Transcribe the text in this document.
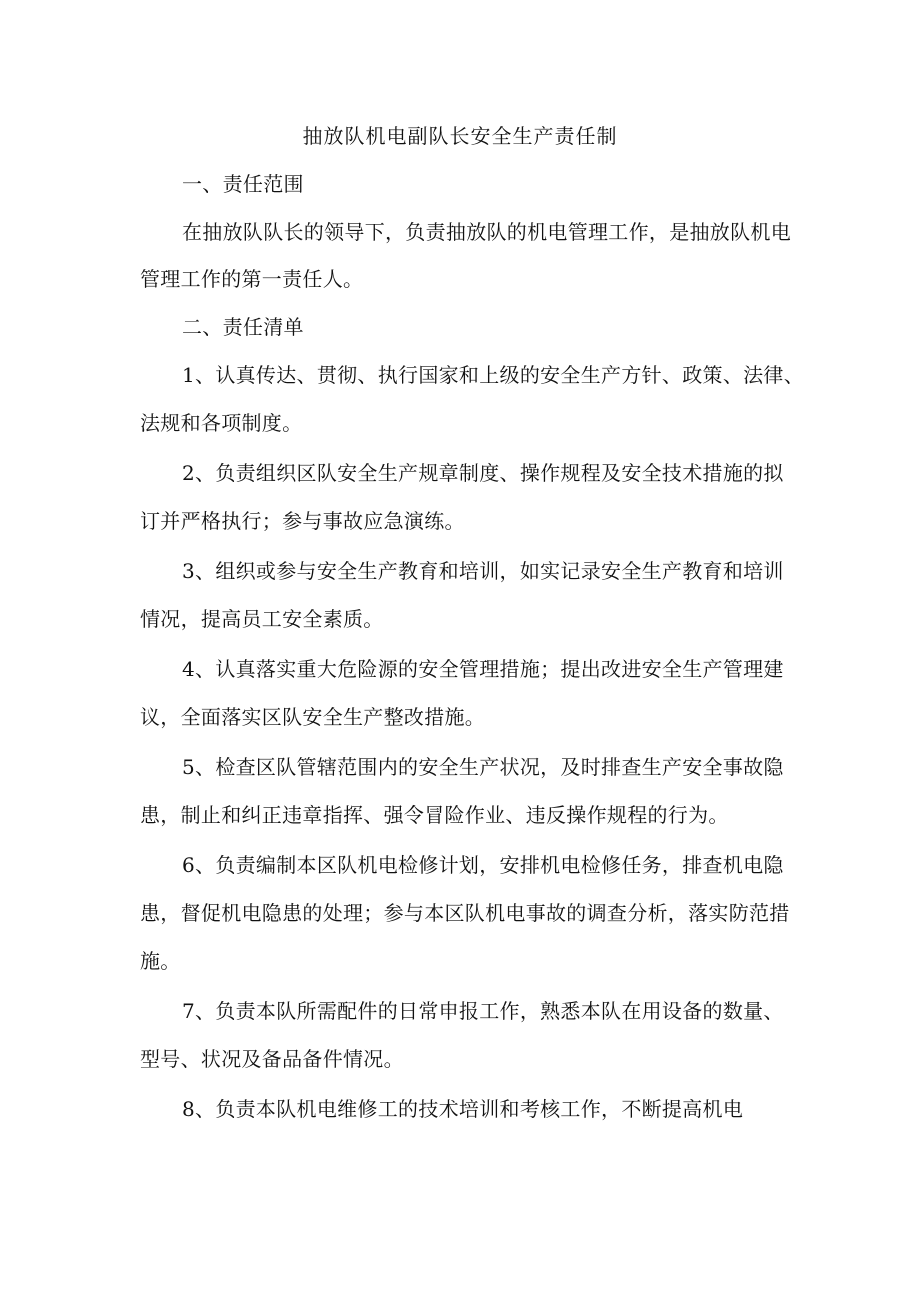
抽放队机电副队长安全生产责任制
一、责任范围
在抽放队队长的领导下，负责抽放队的机电管理工作，是抽放队机电
管理工作的第一责任人。
二、责任清单
1、认真传达、贯彻、执行国家和上级的安全生产方针、政策、法律、
法规和各项制度。
2、负责组织区队安全生产规章制度、操作规程及安全技术措施的拟
订并严格执行；参与事故应急演练。
3、组织或参与安全生产教育和培训，如实记录安全生产教育和培训
情况，提高员工安全素质。
4、认真落实重大危险源的安全管理措施；提出改进安全生产管理建
议，全面落实区队安全生产整改措施。
5、检查区队管辖范围内的安全生产状况，及时排查生产安全事故隐
患，制止和纠正违章指挥、强令冒险作业、违反操作规程的行为。
6、负责编制本区队机电检修计划，安排机电检修任务，排查机电隐
患，督促机电隐患的处理；参与本区队机电事故的调查分析，落实防范措
施。
7、负责本队所需配件的日常申报工作，熟悉本队在用设备的数量、
型号、状况及备品备件情况。
8、负责本队机电维修工的技术培训和考核工作，不断提高机电
